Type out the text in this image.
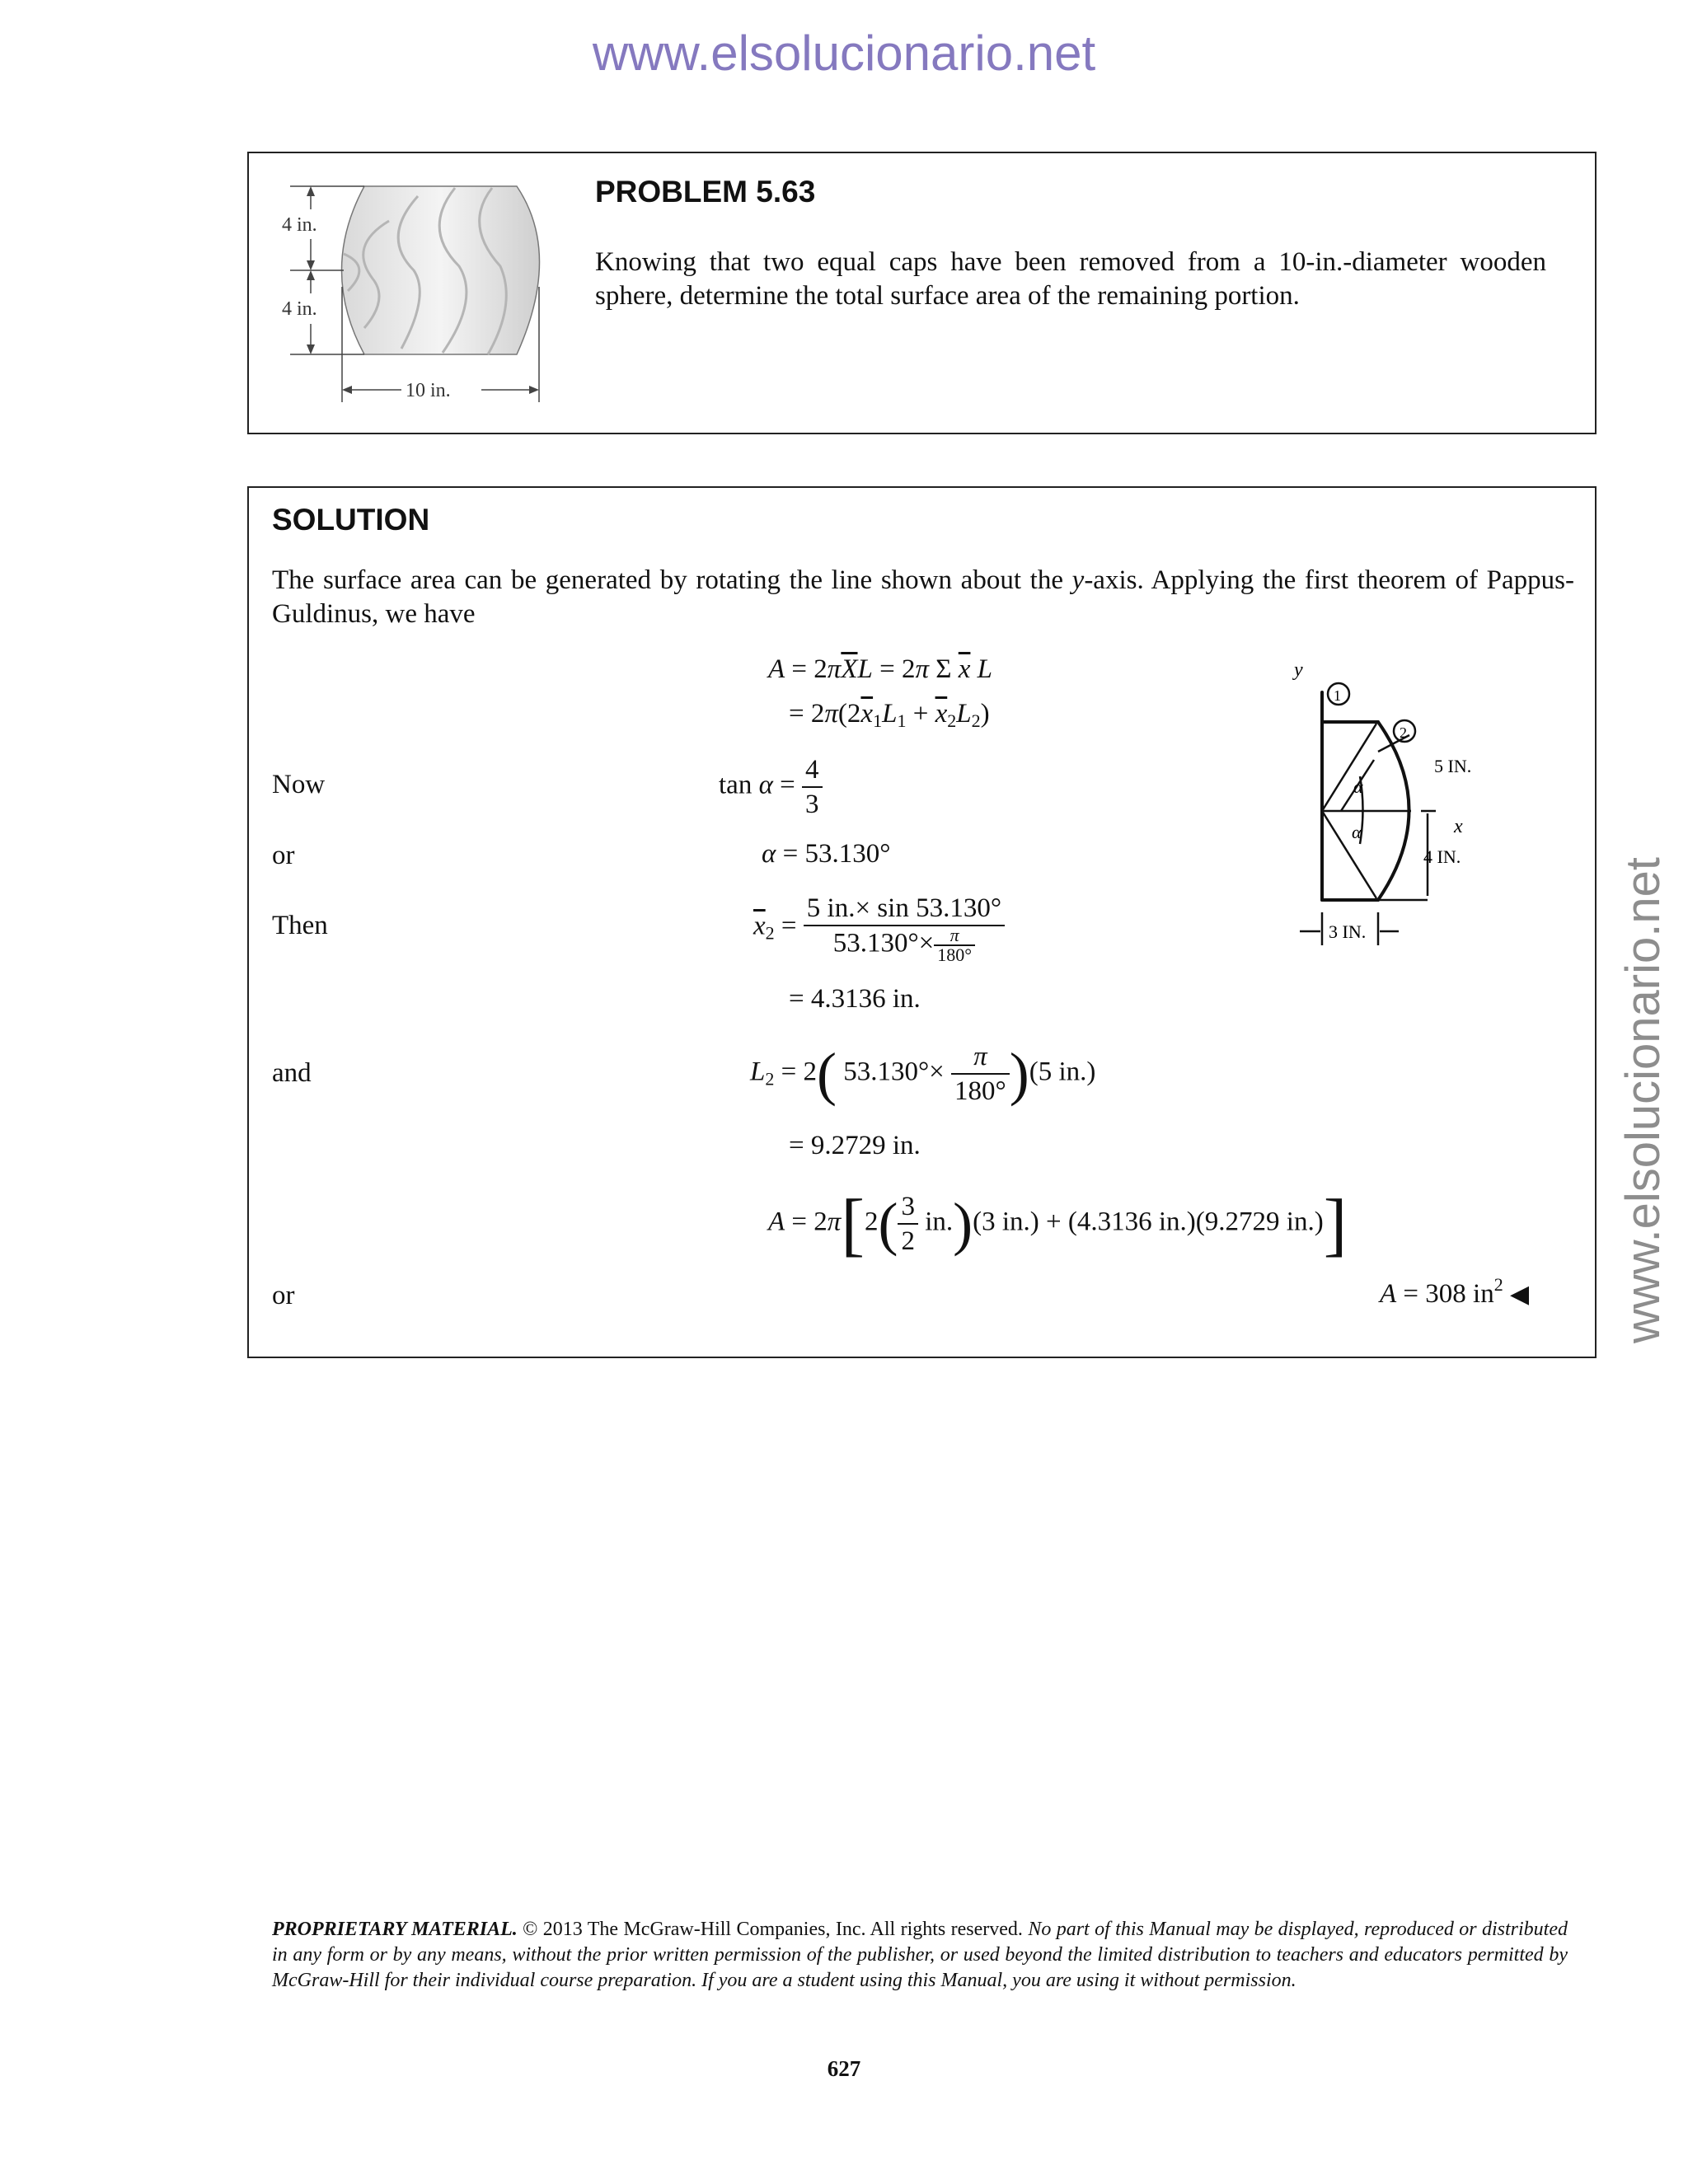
www.elsolucionario.net
www.elsolucionario.net
4 in.
4 in.
10 in.
PROBLEM 5.63
Knowing that two equal caps have been removed from a 10-in.-diameter wooden sphere, determine the total surface area of the remaining portion.
SOLUTION
The surface area can be generated by rotating the line shown about the y-axis. Applying the first theorem of Pappus-Guldinus, we have
$A = 2\pi\overline{X}L = 2\pi$ Σ $\overline{x}$ L
= $2\pi(2\overline{x}_1L_1 + \overline{x}_2L_2)$
Now	$\tan \alpha = \frac{4}{3}$
or	α = 53.130°
Then	$\overline{x}_2 = \frac{5 in.\times \sin 53.130^\circ}{53.130^\circ\times \frac{\pi}{180^\circ}}$
= 4.3136 in.
and	$L_2 = 2$( $53.130^\circ\times \frac{\pi}{180^\circ} )(5$ in.)
= 9.2729 in.
$A = 2\pi[2( \frac{3}{2} in.)(3$ in.) + (4.3136 in.)(9.2729 in.)]
or	A = 308 $in^2$ ◀
y
1
2
α
α
5 IN.
x
4 IN.
3 IN.
PROPRIETARY MATERIAL. © 2013 The McGraw-Hill Companies, Inc. All rights reserved. No part of this Manual may be displayed, reproduced or distributed in any form or by any means, without the prior written permission of the publisher, or used beyond the limited distribution to teachers and educators permitted by McGraw-Hill for their individual course preparation. If you are a student using this Manual, you are using it without permission.
627
